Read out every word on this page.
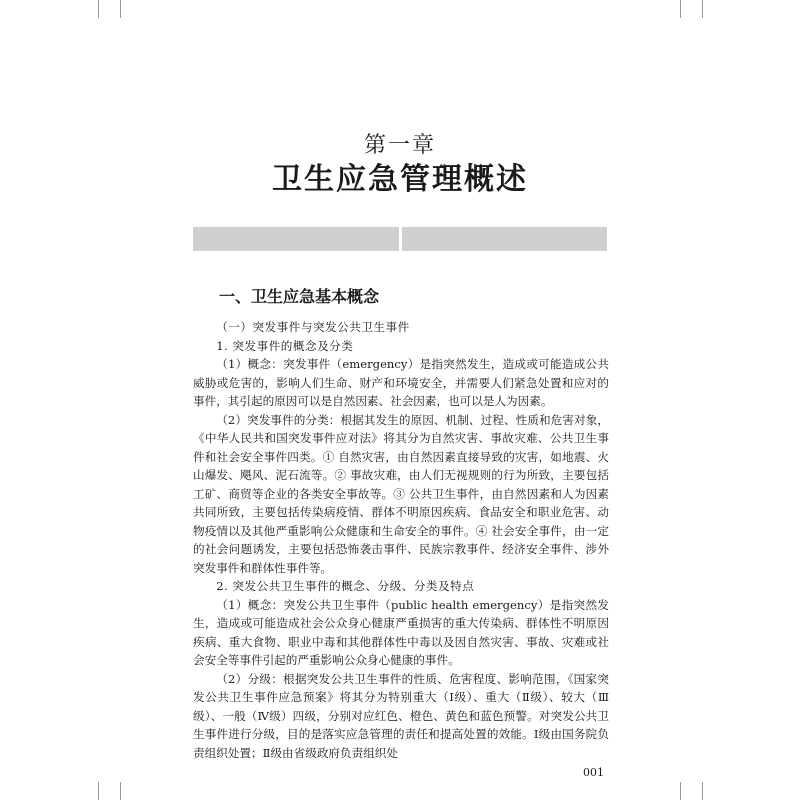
第一章
卫生应急管理概述
一、卫生应急基本概念

（一）突发事件与突发公共卫生事件

1. 突发事件的概念及分类

（1）概念：突发事件（emergency）是指突然发生，造成或可能造成公共威胁或危害的，影响人们生命、财产和环境安全，并需要人们紧急处置和应对的事件，其引起的原因可以是自然因素、社会因素，也可以是人为因素。

（2）突发事件的分类：根据其发生的原因、机制、过程、性质和危害对象，《中华人民共和国突发事件应对法》将其分为自然灾害、事故灾难、公共卫生事件和社会安全事件四类。① 自然灾害，由自然因素直接导致的灾害，如地震、火山爆发、飓风、泥石流等。② 事故灾难，由人们无视规则的行为所致，主要包括工矿、商贸等企业的各类安全事故等。③ 公共卫生事件，由自然因素和人为因素共同所致，主要包括传染病疫情、群体不明原因疾病、食品安全和职业危害、动物疫情以及其他严重影响公众健康和生命安全的事件。④ 社会安全事件，由一定的社会问题诱发，主要包括恐怖袭击事件、民族宗教事件、经济安全事件、涉外突发事件和群体性事件等。

2. 突发公共卫生事件的概念、分级、分类及特点

（1）概念：突发公共卫生事件（public health emergency）是指突然发生，造成或可能造成社会公众身心健康严重损害的重大传染病、群体性不明原因疾病、重大食物、职业中毒和其他群体性中毒以及因自然灾害、事故、灾难或社会安全等事件引起的严重影响公众身心健康的事件。

（2）分级：根据突发公共卫生事件的性质、危害程度、影响范围，《国家突发公共卫生事件应急预案》将其分为特别重大（Ⅰ级）、重大（Ⅱ级）、较大（Ⅲ级）、一般（Ⅳ级）四级，分别对应红色、橙色、黄色和蓝色预警。对突发公共卫生事件进行分级，目的是落实应急管理的责任和提高处置的效能。Ⅰ级由国务院负责组织处置；Ⅱ级由省级政府负责组织处

001
